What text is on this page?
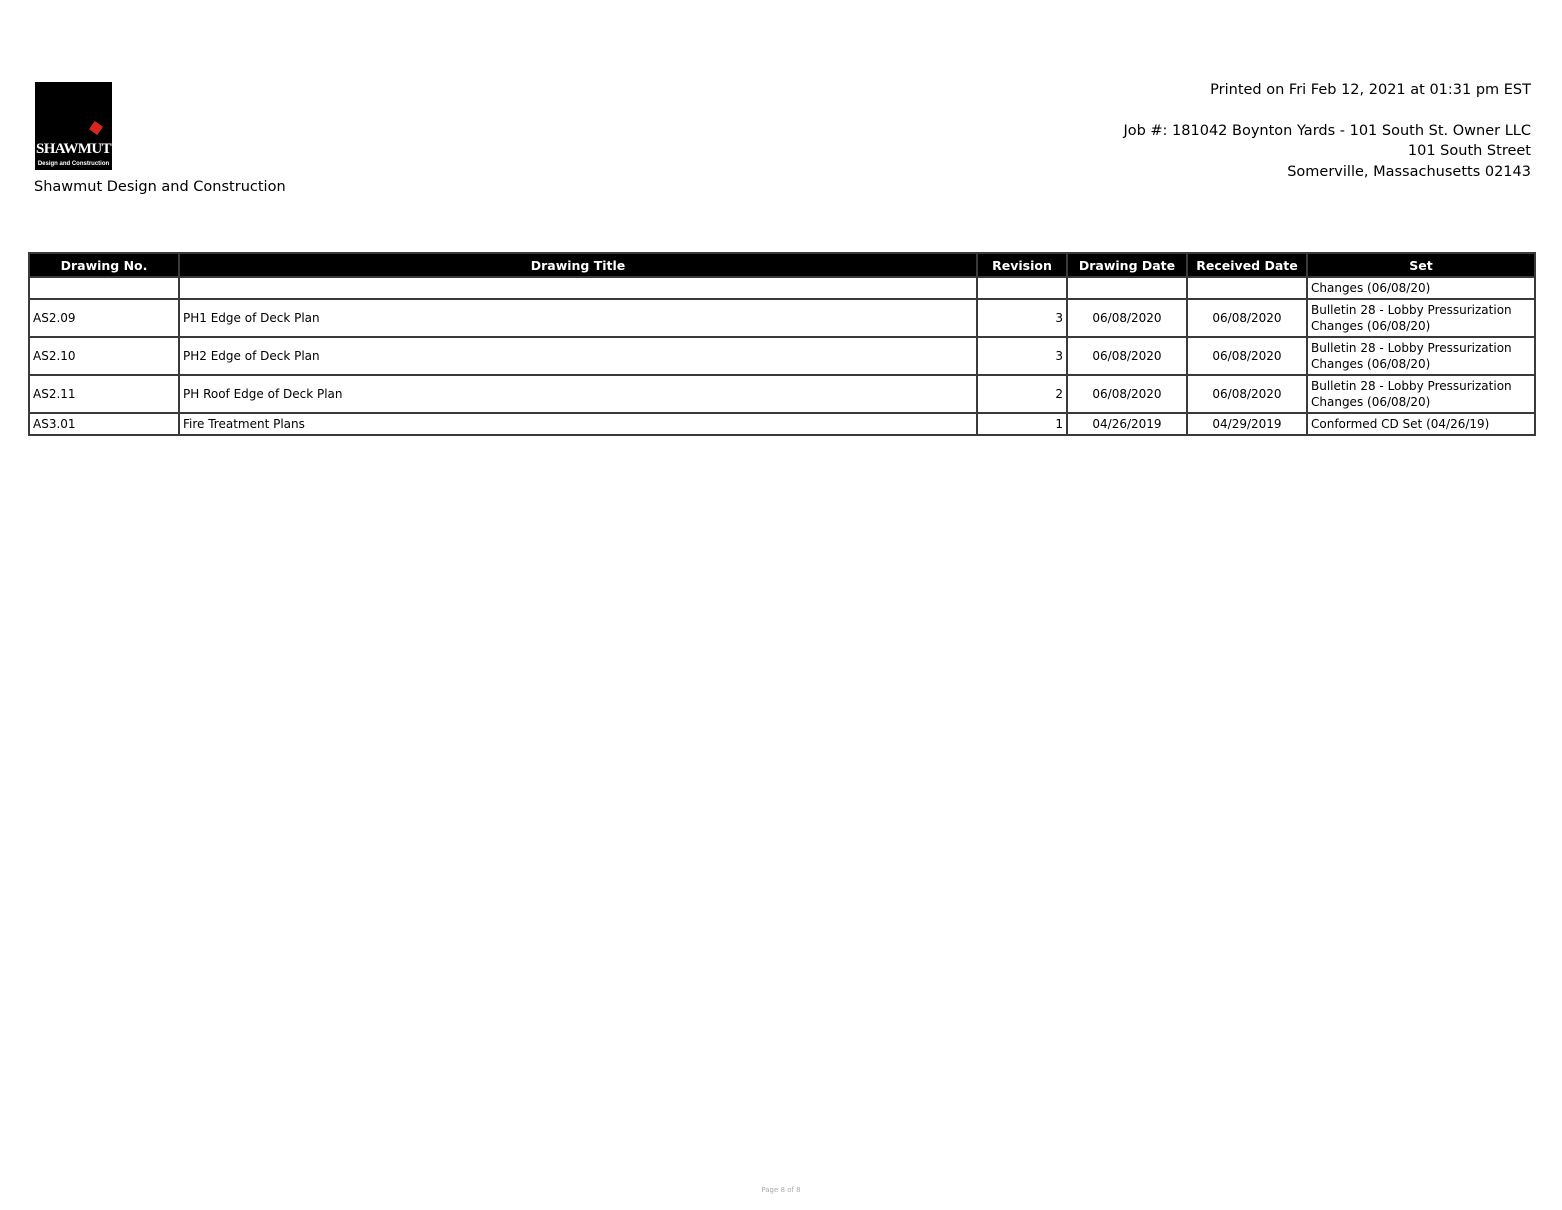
SHAWMUT
Design and Construction
Shawmut Design and Construction
Printed on Fri Feb 12, 2021 at 01:31 pm EST
Job #: 181042 Boynton Yards - 101 South St. Owner LLC
101 South Street
Somerville, Massachusetts 02143
Drawing No.	Drawing Title	Revision	Drawing Date	Received Date	Set
					Changes (06/08/20)
AS2.09	PH1 Edge of Deck Plan	3	06/08/2020	06/08/2020	Bulletin 28 - Lobby Pressurization Changes (06/08/20)
AS2.10	PH2 Edge of Deck Plan	3	06/08/2020	06/08/2020	Bulletin 28 - Lobby Pressurization Changes (06/08/20)
AS2.11	PH Roof Edge of Deck Plan	2	06/08/2020	06/08/2020	Bulletin 28 - Lobby Pressurization Changes (06/08/20)
AS3.01	Fire Treatment Plans	1	04/26/2019	04/29/2019	Conformed CD Set (04/26/19)
Page 8 of 8
